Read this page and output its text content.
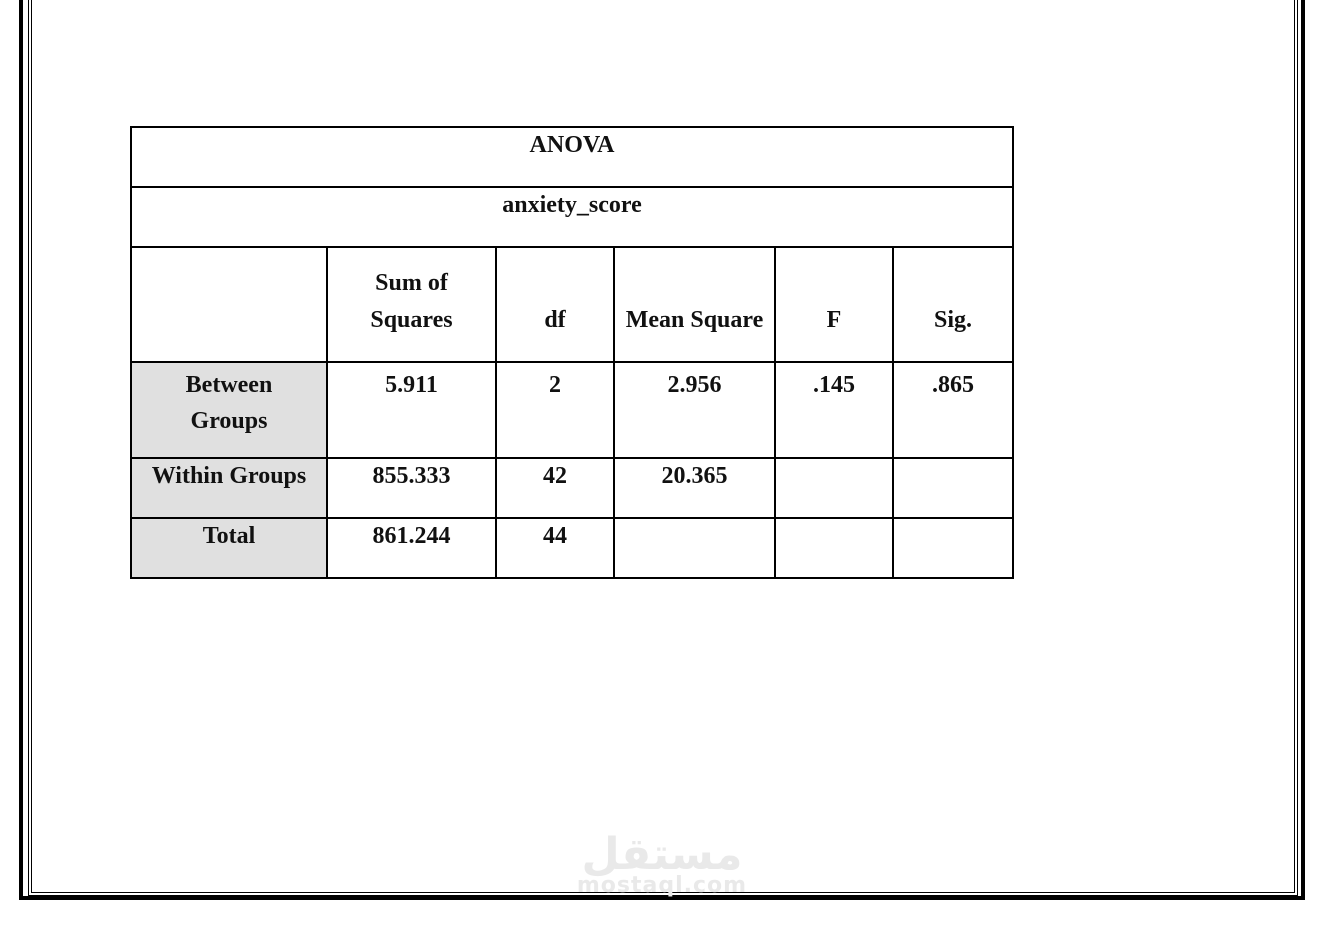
ANOVA					
anxiety_score					
	Sum of Squares	df	Mean Square	F	Sig.
Between Groups	5.911	2	2.956	.145	.865
Within Groups	855.333	42	20.365		
Total	861.244	44			
مستقل
mostaql.com
